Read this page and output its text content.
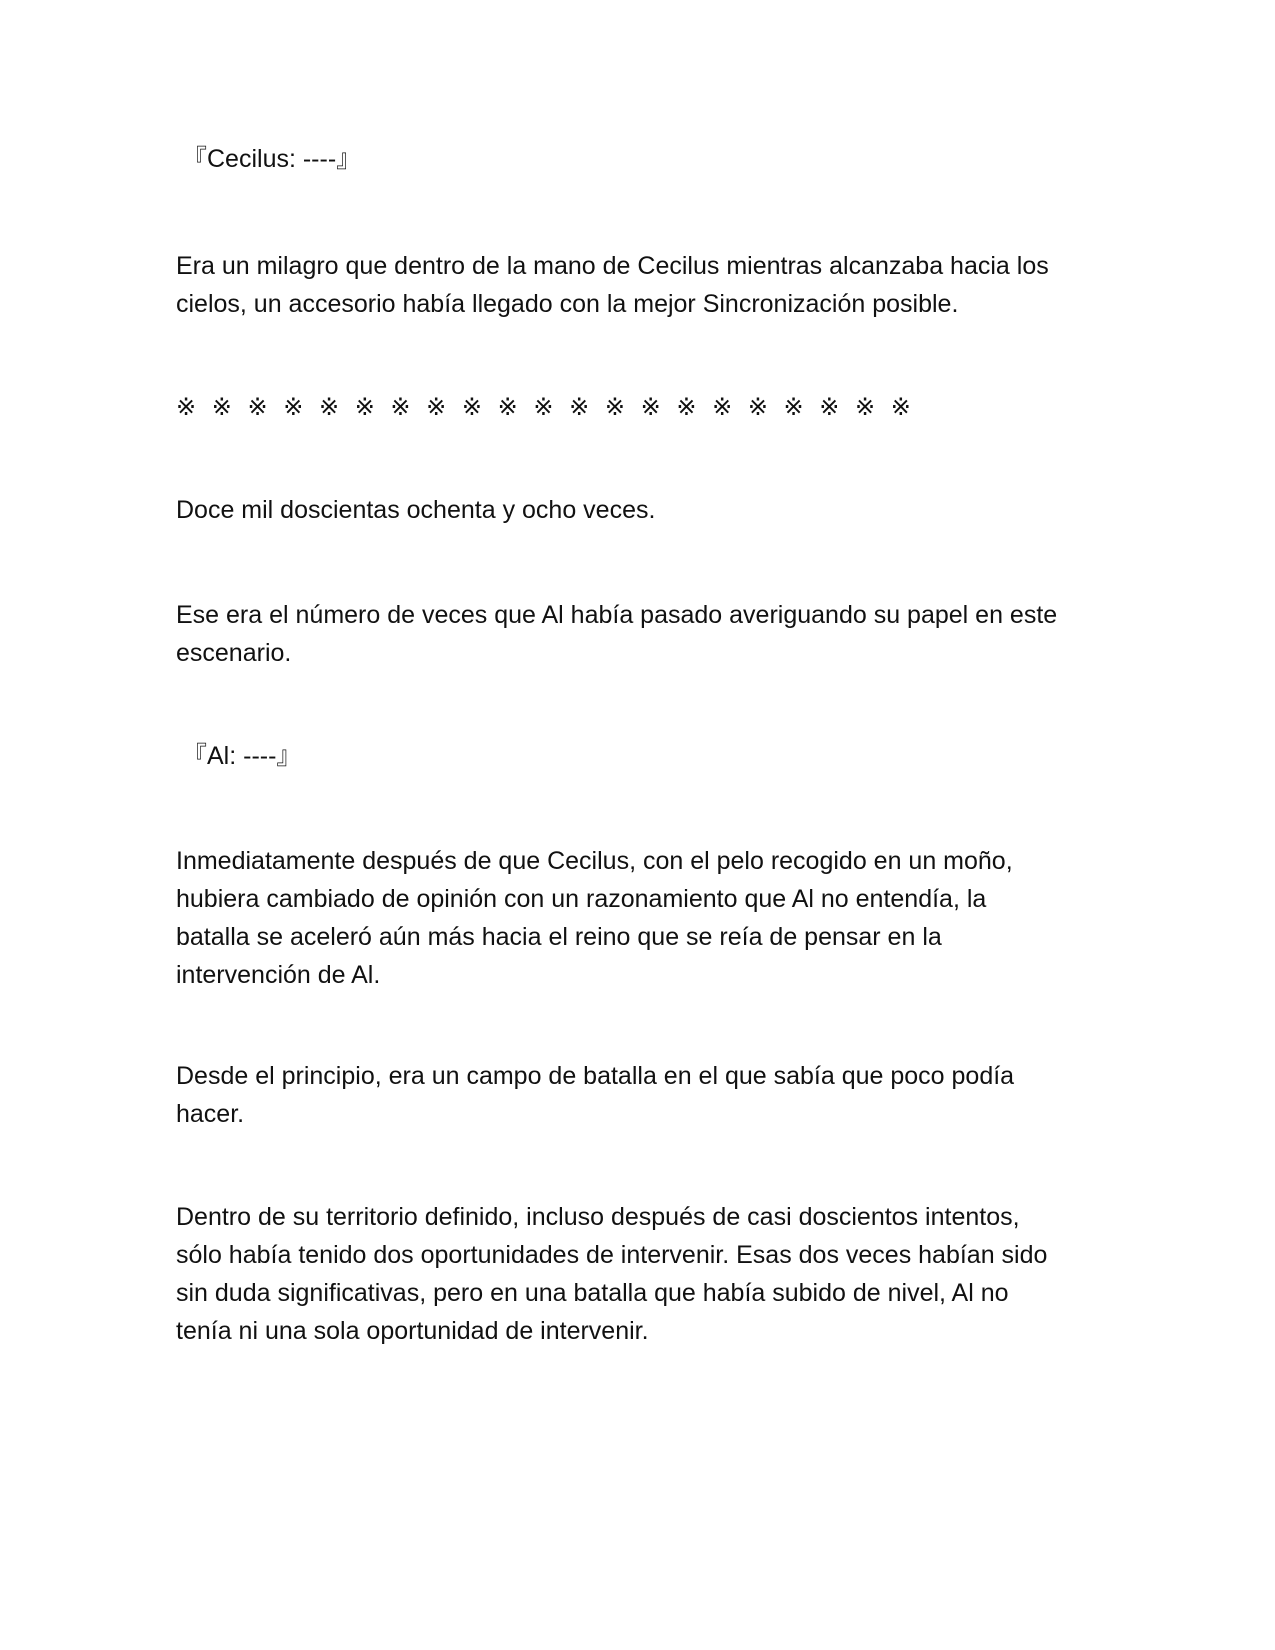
『Cecilus: ----』

Era un milagro que dentro de la mano de Cecilus mientras alcanzaba hacia los
cielos, un accesorio había llegado con la mejor Sincronización posible.

※ ※ ※ ※ ※ ※ ※ ※ ※ ※ ※ ※ ※ ※ ※ ※ ※ ※ ※ ※ ※

Doce mil doscientas ochenta y ocho veces.

Ese era el número de veces que Al había pasado averiguando su papel en este
escenario.

『Al: ----』

Inmediatamente después de que Cecilus, con el pelo recogido en un moño,
hubiera cambiado de opinión con un razonamiento que Al no entendía, la
batalla se aceleró aún más hacia el reino que se reía de pensar en la
intervención de Al.

Desde el principio, era un campo de batalla en el que sabía que poco podía
hacer.

Dentro de su territorio definido, incluso después de casi doscientos intentos,
sólo había tenido dos oportunidades de intervenir. Esas dos veces habían sido
sin duda significativas, pero en una batalla que había subido de nivel, Al no
tenía ni una sola oportunidad de intervenir.
